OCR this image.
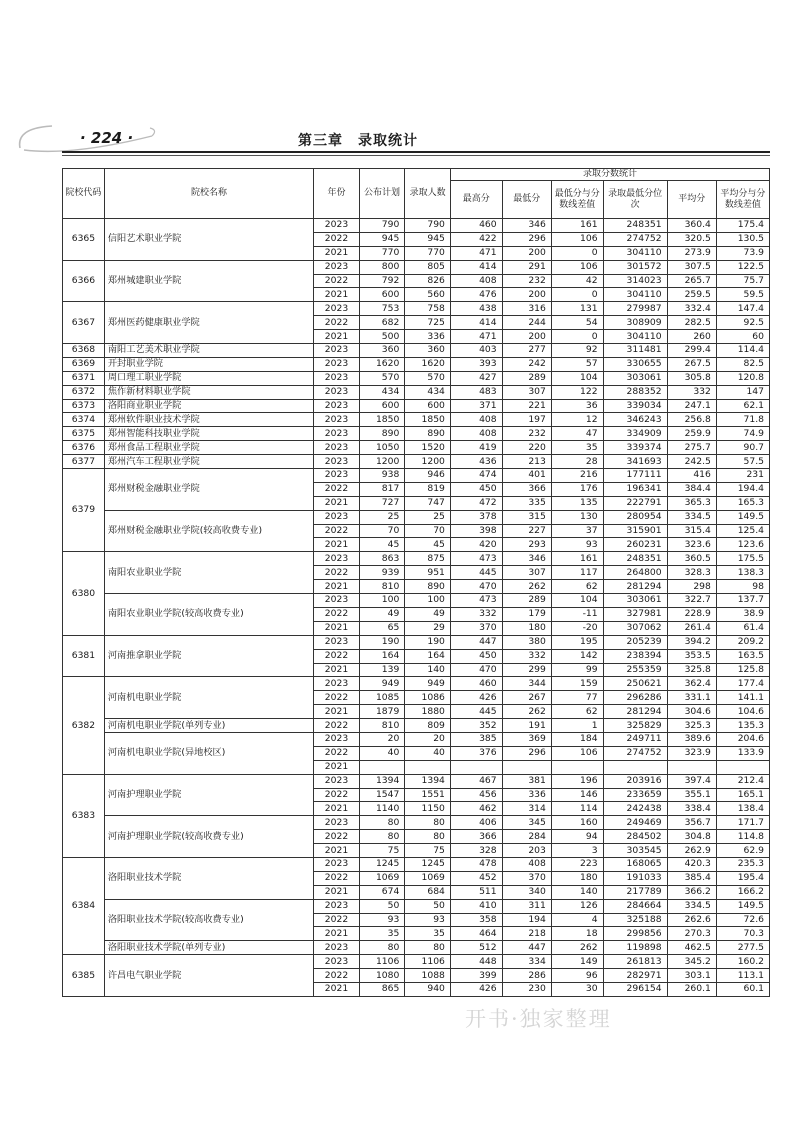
· 224 ·	第三章　录取统计
院校代码	院校名称	年份	公布计划	录取人数	录取分数统计					
					最高分	最低分	最低分与分数线差值	录取最低分位次	平均分	平均分与分数线差值
6365	信阳艺术职业学院	2023	790	790	460	346	161	248351	360.4	175.4
		2022	945	945	422	296	106	274752	320.5	130.5
		2021	770	770	471	200	0	304110	273.9	73.9
6366	郑州城建职业学院	2023	800	805	414	291	106	301572	307.5	122.5
		2022	792	826	408	232	42	314023	265.7	75.7
		2021	600	560	476	200	0	304110	259.5	59.5
6367	郑州医药健康职业学院	2023	753	758	438	316	131	279987	332.4	147.4
		2022	682	725	414	244	54	308909	282.5	92.5
		2021	500	336	471	200	0	304110	260	60
6368	南阳工艺美术职业学院	2023	360	360	403	277	92	311481	299.4	114.4
6369	开封职业学院	2023	1620	1620	393	242	57	330655	267.5	82.5
6371	周口理工职业学院	2023	570	570	427	289	104	303061	305.8	120.8
6372	焦作新材料职业学院	2023	434	434	483	307	122	288352	332	147
6373	洛阳商业职业学院	2023	600	600	371	221	36	339034	247.1	62.1
6374	郑州软件职业技术学院	2023	1850	1850	408	197	12	346243	256.8	71.8
6375	郑州智能科技职业学院	2023	890	890	408	232	47	334909	259.9	74.9
6376	郑州食品工程职业学院	2023	1050	1520	419	220	35	339374	275.7	90.7
6377	郑州汽车工程职业学院	2023	1200	1200	436	213	28	341693	242.5	57.5
6379	郑州财税金融职业学院	2023	938	946	474	401	216	177111	416	231
		2022	817	819	450	366	176	196341	384.4	194.4
		2021	727	747	472	335	135	222791	365.3	165.3
	郑州财税金融职业学院(较高收费专业)	2023	25	25	378	315	130	280954	334.5	149.5
		2022	70	70	398	227	37	315901	315.4	125.4
		2021	45	45	420	293	93	260231	323.6	123.6
6380	南阳农业职业学院	2023	863	875	473	346	161	248351	360.5	175.5
		2022	939	951	445	307	117	264800	328.3	138.3
		2021	810	890	470	262	62	281294	298	98
	南阳农业职业学院(较高收费专业)	2023	100	100	473	289	104	303061	322.7	137.7
		2022	49	49	332	179	-11	327981	228.9	38.9
		2021	65	29	370	180	-20	307062	261.4	61.4
6381	河南推拿职业学院	2023	190	190	447	380	195	205239	394.2	209.2
		2022	164	164	450	332	142	238394	353.5	163.5
		2021	139	140	470	299	99	255359	325.8	125.8
6382	河南机电职业学院	2023	949	949	460	344	159	250621	362.4	177.4
		2022	1085	1086	426	267	77	296286	331.1	141.1
		2021	1879	1880	445	262	62	281294	304.6	104.6
	河南机电职业学院(单列专业)	2022	810	809	352	191	1	325829	325.3	135.3
	河南机电职业学院(异地校区)	2023	20	20	385	369	184	249711	389.6	204.6
		2022	40	40	376	296	106	274752	323.9	133.9
		2021								
6383	河南护理职业学院	2023	1394	1394	467	381	196	203916	397.4	212.4
		2022	1547	1551	456	336	146	233659	355.1	165.1
		2021	1140	1150	462	314	114	242438	338.4	138.4
	河南护理职业学院(较高收费专业)	2023	80	80	406	345	160	249469	356.7	171.7
		2022	80	80	366	284	94	284502	304.8	114.8
		2021	75	75	328	203	3	303545	262.9	62.9
6384	洛阳职业技术学院	2023	1245	1245	478	408	223	168065	420.3	235.3
		2022	1069	1069	452	370	180	191033	385.4	195.4
		2021	674	684	511	340	140	217789	366.2	166.2
	洛阳职业技术学院(较高收费专业)	2023	50	50	410	311	126	284664	334.5	149.5
		2022	93	93	358	194	4	325188	262.6	72.6
		2021	35	35	464	218	18	299856	270.3	70.3
	洛阳职业技术学院(单列专业)	2023	80	80	512	447	262	119898	462.5	277.5
6385	许昌电气职业学院	2023	1106	1106	448	334	149	261813	345.2	160.2
		2022	1080	1088	399	286	96	282971	303.1	113.1
		2021	865	940	426	230	30	296154	260.1	60.1
开书·独家整理
